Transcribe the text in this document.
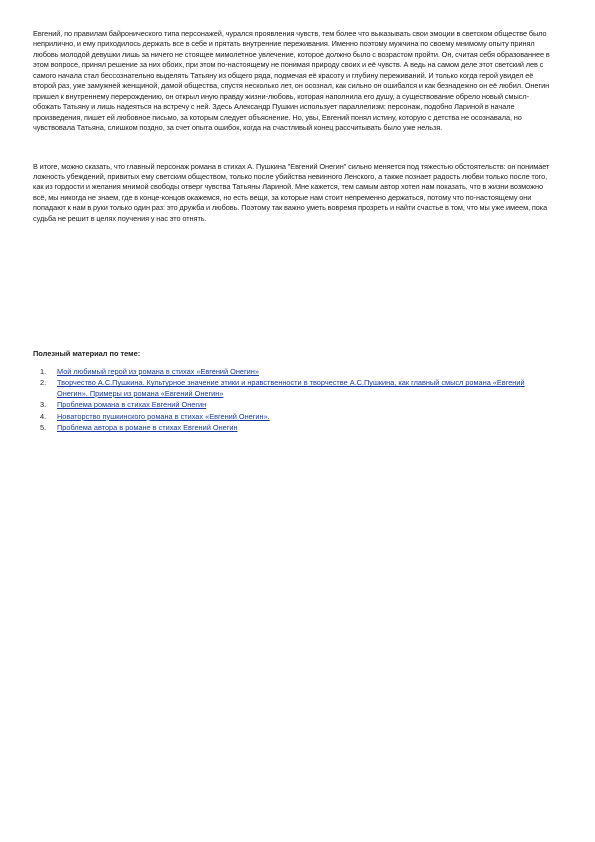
Евгений, по правилам байронического типа персонажей, чурался проявления чувств, тем более что выказывать свои эмоции в светском обществе было неприлично, и ему приходилось держать все в себе и прятать внутренние переживания. Именно поэтому мужчина по своему мнимому опыту принял любовь молодой девушки лишь за ничего не стоящее мимолетное увлечение, которое должно было с возрастом пройти. Он, считая себя образованнее в этом вопросе, принял решение за них обоих, при этом по-настоящему не понимая природу своих и её чувств. А ведь на самом деле этот светский лев с самого начала стал бессознательно выделять Татьяну из общего ряда, подмечая её красоту и глубину переживаний. И только когда герой увидел её второй раз, уже замужней женщиной, дамой общества, спустя несколько лет, он осознал, как сильно он ошибался и как безнадежно он её любил. Онегин пришел к внутреннему перерождению, он открыл иную правду жизни-любовь, которая наполнила его душу, а существование обрело новый смысл-обожать Татьяну и лишь надеяться на встречу с ней. Здесь Александр Пушкин использует параллелизм: персонаж, подобно Лариной в начале произведения, пишет ей любовное письмо, за которым следует объяснение. Но, увы, Евгений понял истину, которую с детства не осознавала, но чувствовала Татьяна, слишком поздно, за счет опыта ошибок, когда на счастливый конец рассчитывать было уже нельзя.

В итоге, можно сказать, что главный персонаж романа в стихах А. Пушкина "Евгений Онегин" сильно меняется под тяжестью обстоятельств: он понимает ложность убеждений, привитых ему светским обществом, только после убийства невинного Ленского, а также познает радость любви только после того, как из гордости и желания мнимой свободы отверг чувства Татьяны Лариной. Мне кажется, тем самым автор хотел нам показать, что в жизни возможно всё, мы никогда не знаем, где в конце-концов окажемся, но есть вещи, за которые нам стоит непременно держаться, потому что по-настоящему они попадают к нам в руки только один раз: это дружба и любовь. Поэтому так важно уметь вовремя прозреть и найти счастье в том, что мы уже имеем, пока судьба не решит в целях поучения у нас это отнять.

Полезный материал по теме:

Мой любимый герой из романа в стихах «Евгений Онегин»
Творчество А.С.Пушкина. Культурное значение этики и нравственности в творчестве А.С.Пушкина, как главный смысл романа «Евгений Онегин». Примеры из романа «Евгений Онегин»
Проблема романа в стихах Евгений Онегин
Новаторство пушкинского романа в стихах «Евгений Онегин».
Проблема автора в романе в стихах Евгений Онегин
